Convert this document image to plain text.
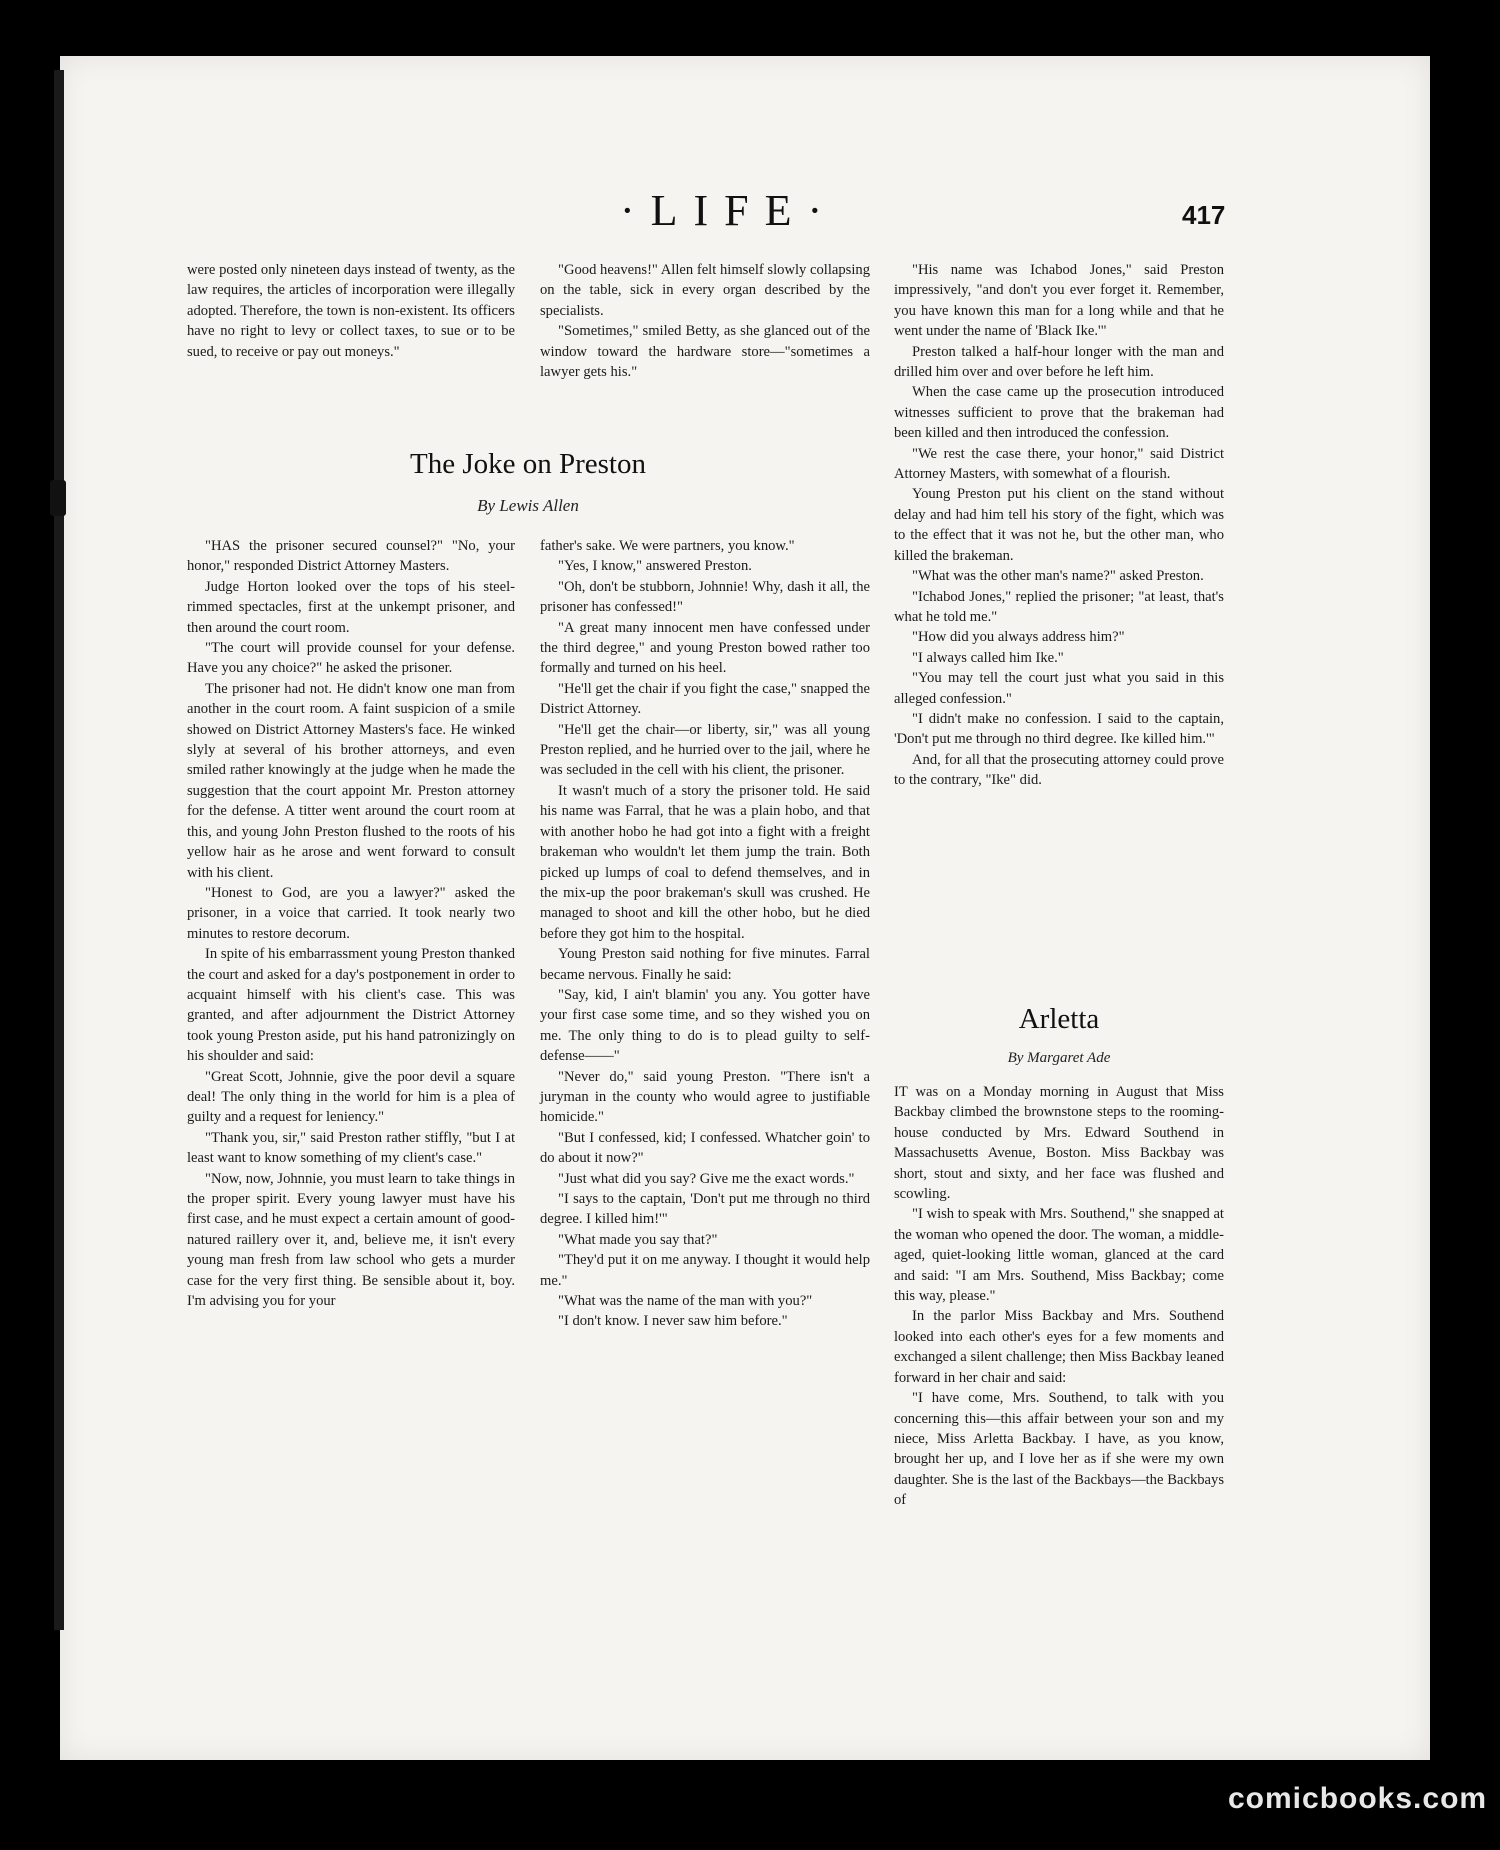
·LIFE·	417

were posted only nineteen days instead of twenty, as the law requires, the articles of incorporation were illegally adopted. Therefore, the town is non-existent. Its officers have no right to levy or collect taxes, to sue or to be sued, to receive or pay out moneys."

"Good heavens!" Allen felt himself slowly collapsing on the table, sick in every organ described by the specialists.

"Sometimes," smiled Betty, as she glanced out of the window toward the hardware store—"sometimes a lawyer gets his."

The Joke on Preston
By Lewis Allen

"HAS the prisoner secured counsel?" "No, your honor," responded District Attorney Masters.

Judge Horton looked over the tops of his steel-rimmed spectacles, first at the unkempt prisoner, and then around the court room.

"The court will provide counsel for your defense. Have you any choice?" he asked the prisoner.

The prisoner had not. He didn't know one man from another in the court room. A faint suspicion of a smile showed on District Attorney Masters's face. He winked slyly at several of his brother attorneys, and even smiled rather knowingly at the judge when he made the suggestion that the court appoint Mr. Preston attorney for the defense. A titter went around the court room at this, and young John Preston flushed to the roots of his yellow hair as he arose and went forward to consult with his client.

"Honest to God, are you a lawyer?" asked the prisoner, in a voice that carried. It took nearly two minutes to restore decorum.

In spite of his embarrassment young Preston thanked the court and asked for a day's postponement in order to acquaint himself with his client's case. This was granted, and after adjournment the District Attorney took young Preston aside, put his hand patronizingly on his shoulder and said:

"Great Scott, Johnnie, give the poor devil a square deal! The only thing in the world for him is a plea of guilty and a request for leniency."

"Thank you, sir," said Preston rather stiffly, "but I at least want to know something of my client's case."

"Now, now, Johnnie, you must learn to take things in the proper spirit. Every young lawyer must have his first case, and he must expect a certain amount of good-natured raillery over it, and, believe me, it isn't every young man fresh from law school who gets a murder case for the very first thing. Be sensible about it, boy. I'm advising you for your

father's sake. We were partners, you know."

"Yes, I know," answered Preston.

"Oh, don't be stubborn, Johnnie! Why, dash it all, the prisoner has confessed!"

"A great many innocent men have confessed under the third degree," and young Preston bowed rather too formally and turned on his heel.

"He'll get the chair if you fight the case," snapped the District Attorney.

"He'll get the chair—or liberty, sir," was all young Preston replied, and he hurried over to the jail, where he was secluded in the cell with his client, the prisoner.

It wasn't much of a story the prisoner told. He said his name was Farral, that he was a plain hobo, and that with another hobo he had got into a fight with a freight brakeman who wouldn't let them jump the train. Both picked up lumps of coal to defend themselves, and in the mix-up the poor brakeman's skull was crushed. He managed to shoot and kill the other hobo, but he died before they got him to the hospital.

Young Preston said nothing for five minutes. Farral became nervous. Finally he said:

"Say, kid, I ain't blamin' you any. You gotter have your first case some time, and so they wished you on me. The only thing to do is to plead guilty to self-defense——"

"Never do," said young Preston. "There isn't a juryman in the county who would agree to justifiable homicide."

"But I confessed, kid; I confessed. Whatcher goin' to do about it now?"

"Just what did you say? Give me the exact words."

"I says to the captain, 'Don't put me through no third degree. I killed him!'"

"What made you say that?"

"They'd put it on me anyway. I thought it would help me."

"What was the name of the man with you?"

"I don't know. I never saw him before."

"His name was Ichabod Jones," said Preston impressively, "and don't you ever forget it. Remember, you have known this man for a long while and that he went under the name of 'Black Ike.'"

Preston talked a half-hour longer with the man and drilled him over and over before he left him.

When the case came up the prosecution introduced witnesses sufficient to prove that the brakeman had been killed and then introduced the confession.

"We rest the case there, your honor," said District Attorney Masters, with somewhat of a flourish.

Young Preston put his client on the stand without delay and had him tell his story of the fight, which was to the effect that it was not he, but the other man, who killed the brakeman.

"What was the other man's name?" asked Preston.

"Ichabod Jones," replied the prisoner; "at least, that's what he told me."

"How did you always address him?"

"I always called him Ike."

"You may tell the court just what you said in this alleged confession."

"I didn't make no confession. I said to the captain, 'Don't put me through no third degree. Ike killed him.'"

And, for all that the prosecuting attorney could prove to the contrary, "Ike" did.

Arletta
By Margaret Ade

IT was on a Monday morning in August that Miss Backbay climbed the brownstone steps to the rooming-house conducted by Mrs. Edward Southend in Massachusetts Avenue, Boston. Miss Backbay was short, stout and sixty, and her face was flushed and scowling.

"I wish to speak with Mrs. Southend," she snapped at the woman who opened the door. The woman, a middle-aged, quiet-looking little woman, glanced at the card and said: "I am Mrs. Southend, Miss Backbay; come this way, please."

In the parlor Miss Backbay and Mrs. Southend looked into each other's eyes for a few moments and exchanged a silent challenge; then Miss Backbay leaned forward in her chair and said:

"I have come, Mrs. Southend, to talk with you concerning this—this affair between your son and my niece, Miss Arletta Backbay. I have, as you know, brought her up, and I love her as if she were my own daughter. She is the last of the Backbays—the Backbays of

comicbooks.com
